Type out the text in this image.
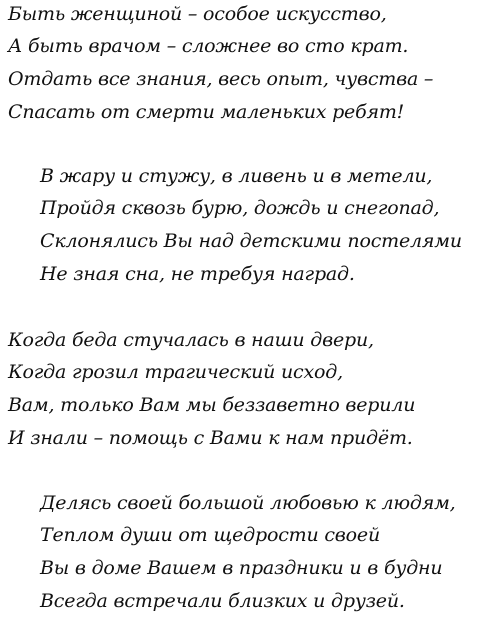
Быть женщиной – особое искусство,
А быть врачом – сложнее во сто крат.
Отдать все знания, весь опыт, чувства –
Спасать от смерти маленьких ребят!
В жару и стужу, в ливень и в метели,
Пройдя сквозь бурю, дождь и снегопад,
Склонялись Вы над детскими постелями
Не зная сна, не требуя наград.
Когда беда стучалась в наши двери,
Когда грозил трагический исход,
Вам, только Вам мы беззаветно верили
И знали – помощь с Вами к нам придёт.
Делясь своей большой любовью к людям,
Теплом души от щедрости своей
Вы в доме Вашем в праздники и в будни
Всегда встречали близких и друзей.
